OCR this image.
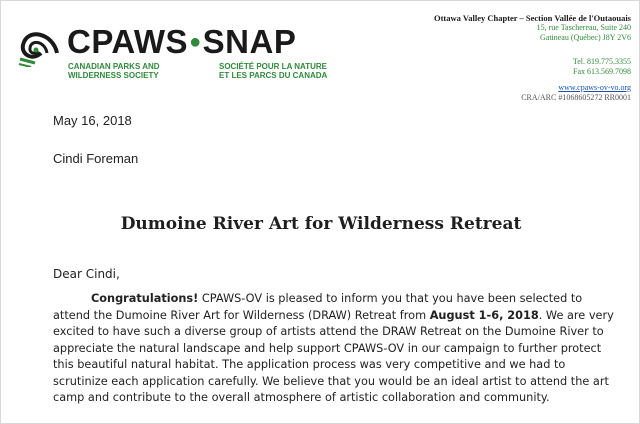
CPAWS●SNAP
CANADIAN PARKS AND
WILDERNESS SOCIETY
SOCIÉTÉ POUR LA NATURE
ET LES PARCS DU CANADA
Ottawa Valley Chapter – Section Vallée de l'Outaouais
15, rue Taschereau, Suite 240
Gatineau (Québec) J8Y 2V6
Tel. 819.775.3355
Fax 613.569.7098
www.cpaws-ov-vo.org
CRA/ARC #1068605272 RR0001
May 16, 2018
Cindi Foreman
Dumoine River Art for Wilderness Retreat
Dear Cindi,
Congratulations! CPAWS-OV is pleased to inform you that you have been selected to attend the Dumoine River Art for Wilderness (DRAW) Retreat from August 1-6, 2018. We are very excited to have such a diverse group of artists attend the DRAW Retreat on the Dumoine River to appreciate the natural landscape and help support CPAWS-OV in our campaign to further protect this beautiful natural habitat. The application process was very competitive and we had to scrutinize each application carefully. We believe that you would be an ideal artist to attend the art camp and contribute to the overall atmosphere of artistic collaboration and community.
